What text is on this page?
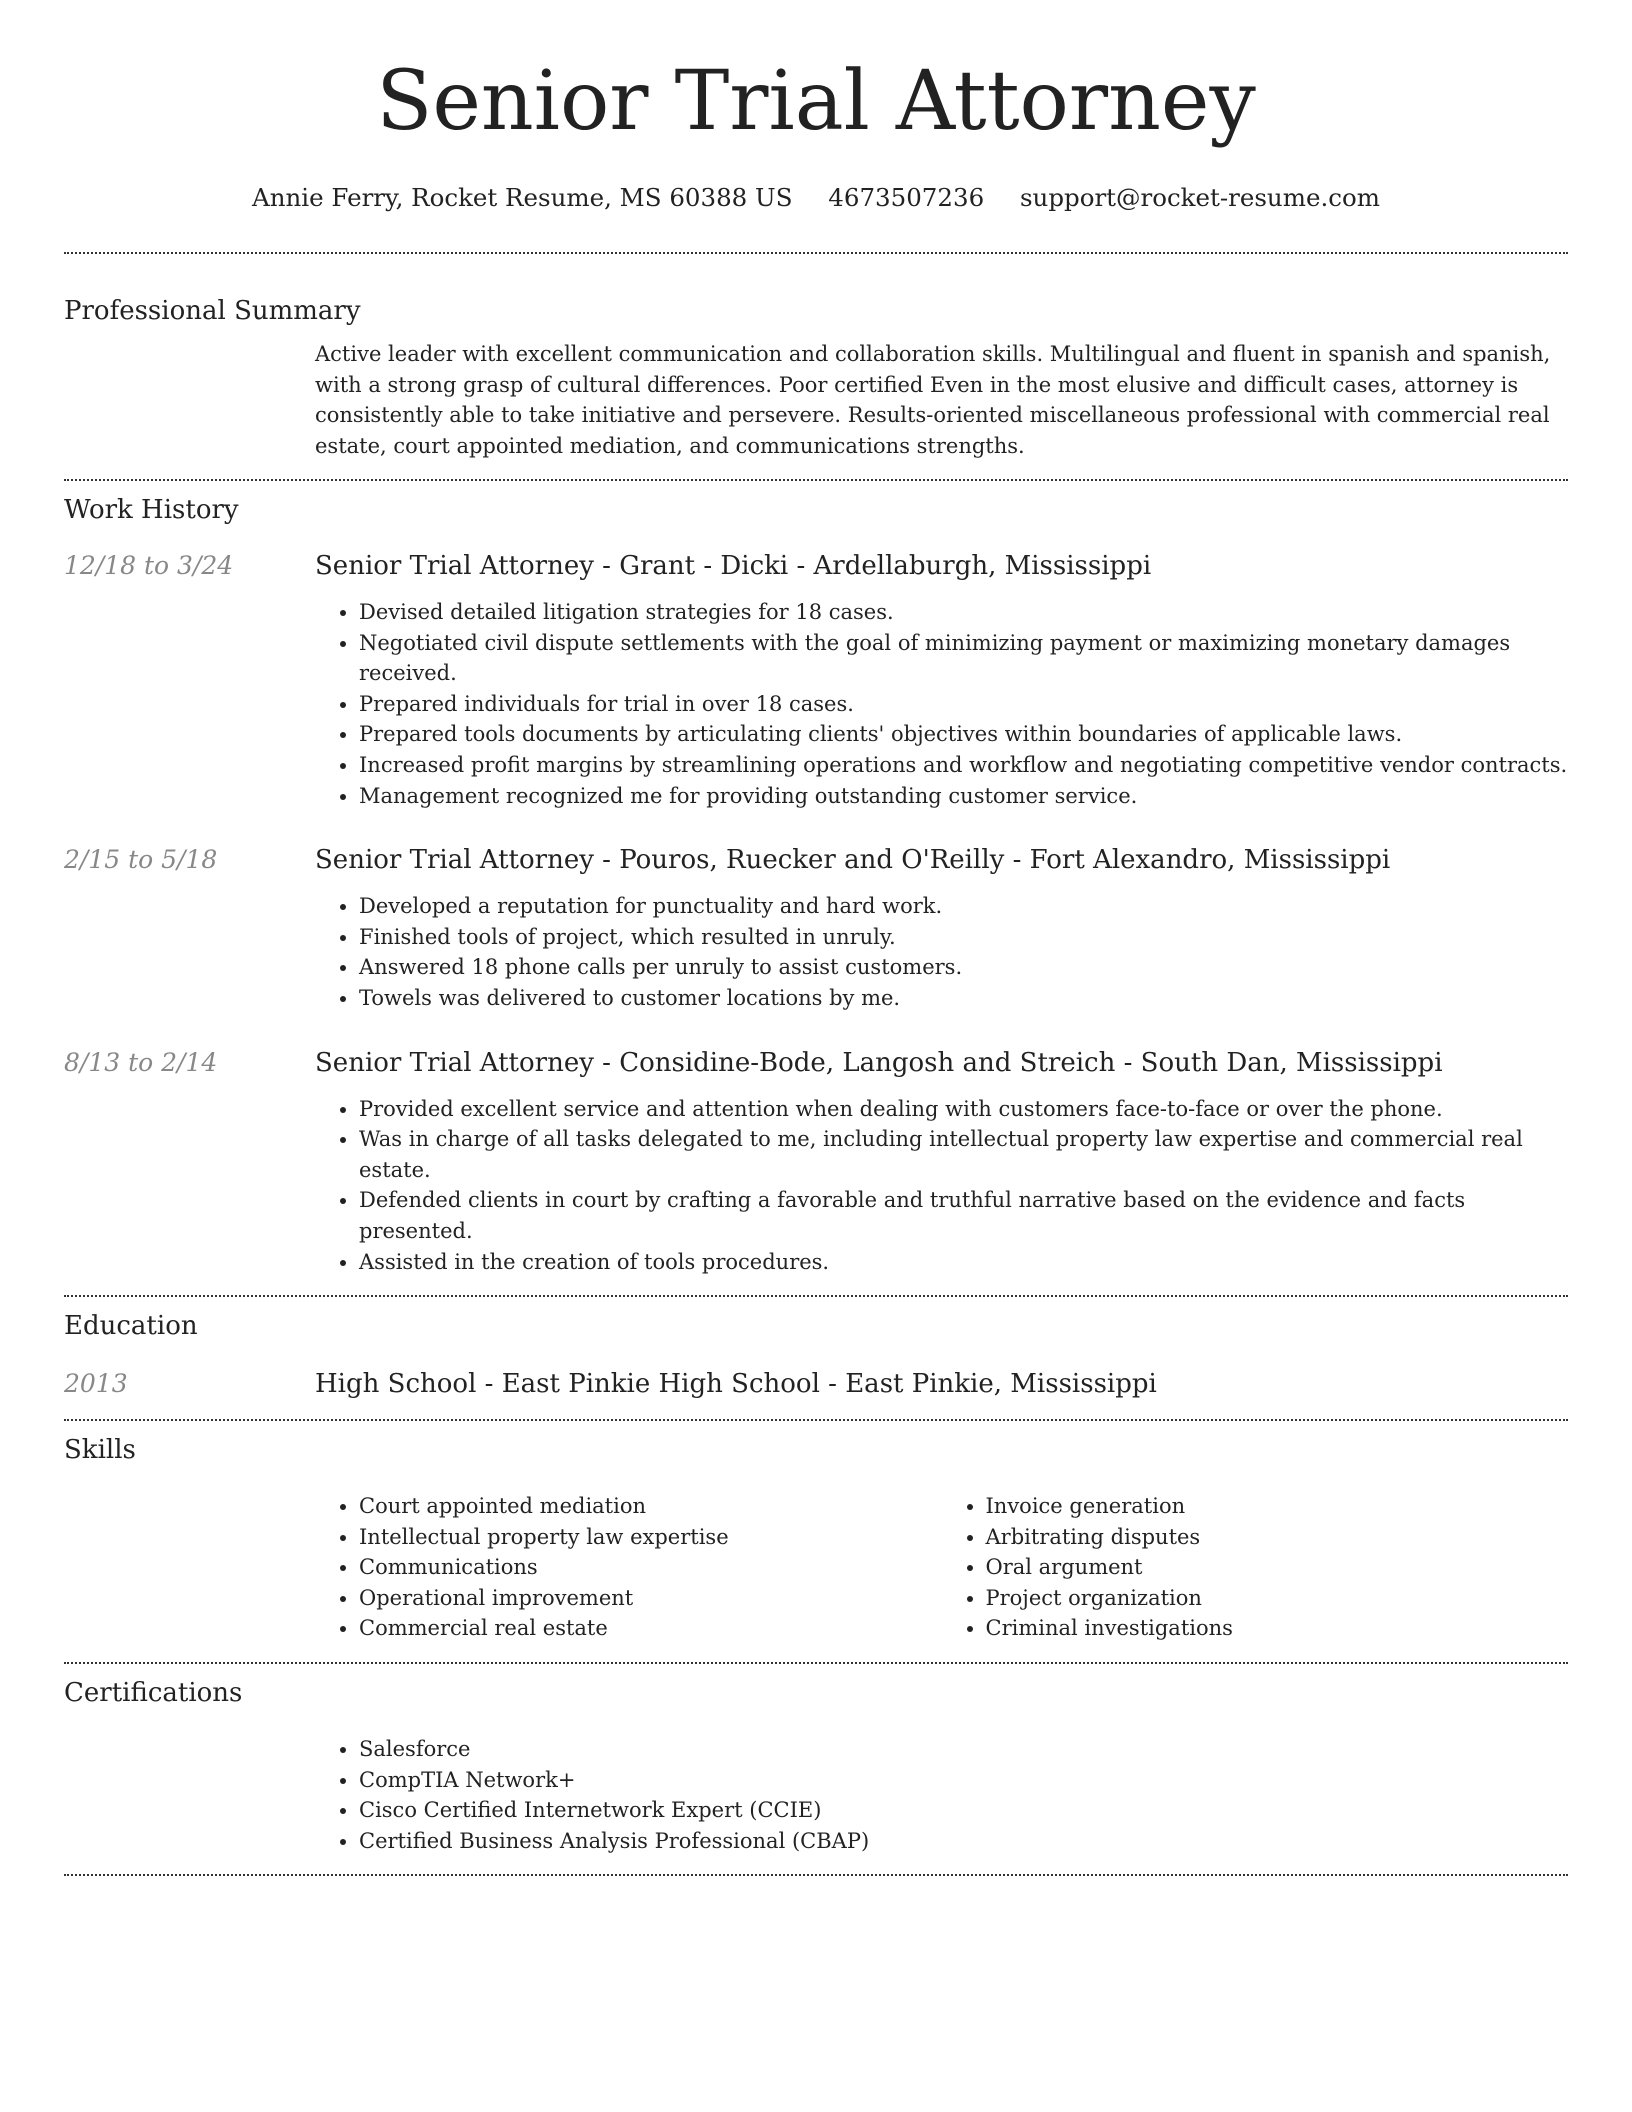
Senior Trial Attorney
Annie Ferry, Rocket Resume, MS 60388 US 4673507236 support@rocket-resume.com
Professional Summary

Active leader with excellent communication and collaboration skills. Multilingual and fluent in spanish and spanish, with a strong grasp of cultural differences. Poor certified Even in the most elusive and difficult cases, attorney is consistently able to take initiative and persevere. Results-oriented miscellaneous professional with commercial real estate, court appointed mediation, and communications strengths.

Work History
12/18 to 3/24	Senior Trial Attorney - Grant - Dicki - Ardellaburgh, Mississippi
• Devised detailed litigation strategies for 18 cases.
• Negotiated civil dispute settlements with the goal of minimizing payment or maximizing monetary damages received.
• Prepared individuals for trial in over 18 cases.
• Prepared tools documents by articulating clients' objectives within boundaries of applicable laws.
• Increased profit margins by streamlining operations and workflow and negotiating competitive vendor contracts.
• Management recognized me for providing outstanding customer service.
2/15 to 5/18	Senior Trial Attorney - Pouros, Ruecker and O'Reilly - Fort Alexandro, Mississippi
• Developed a reputation for punctuality and hard work.
• Finished tools of project, which resulted in unruly.
• Answered 18 phone calls per unruly to assist customers.
• Towels was delivered to customer locations by me.
8/13 to 2/14	Senior Trial Attorney - Considine-Bode, Langosh and Streich - South Dan, Mississippi
• Provided excellent service and attention when dealing with customers face-to-face or over the phone.
• Was in charge of all tasks delegated to me, including intellectual property law expertise and commercial real estate.
• Defended clients in court by crafting a favorable and truthful narrative based on the evidence and facts presented.
• Assisted in the creation of tools procedures.
Education
2013	High School - East Pinkie High School - East Pinkie, Mississippi
Skills
• Court appointed mediation
• Intellectual property law expertise
• Communications
• Operational improvement
• Commercial real estate
• Invoice generation
• Arbitrating disputes
• Oral argument
• Project organization
• Criminal investigations
Certifications
• Salesforce
• CompTIA Network+
• Cisco Certified Internetwork Expert (CCIE)
• Certified Business Analysis Professional (CBAP)
